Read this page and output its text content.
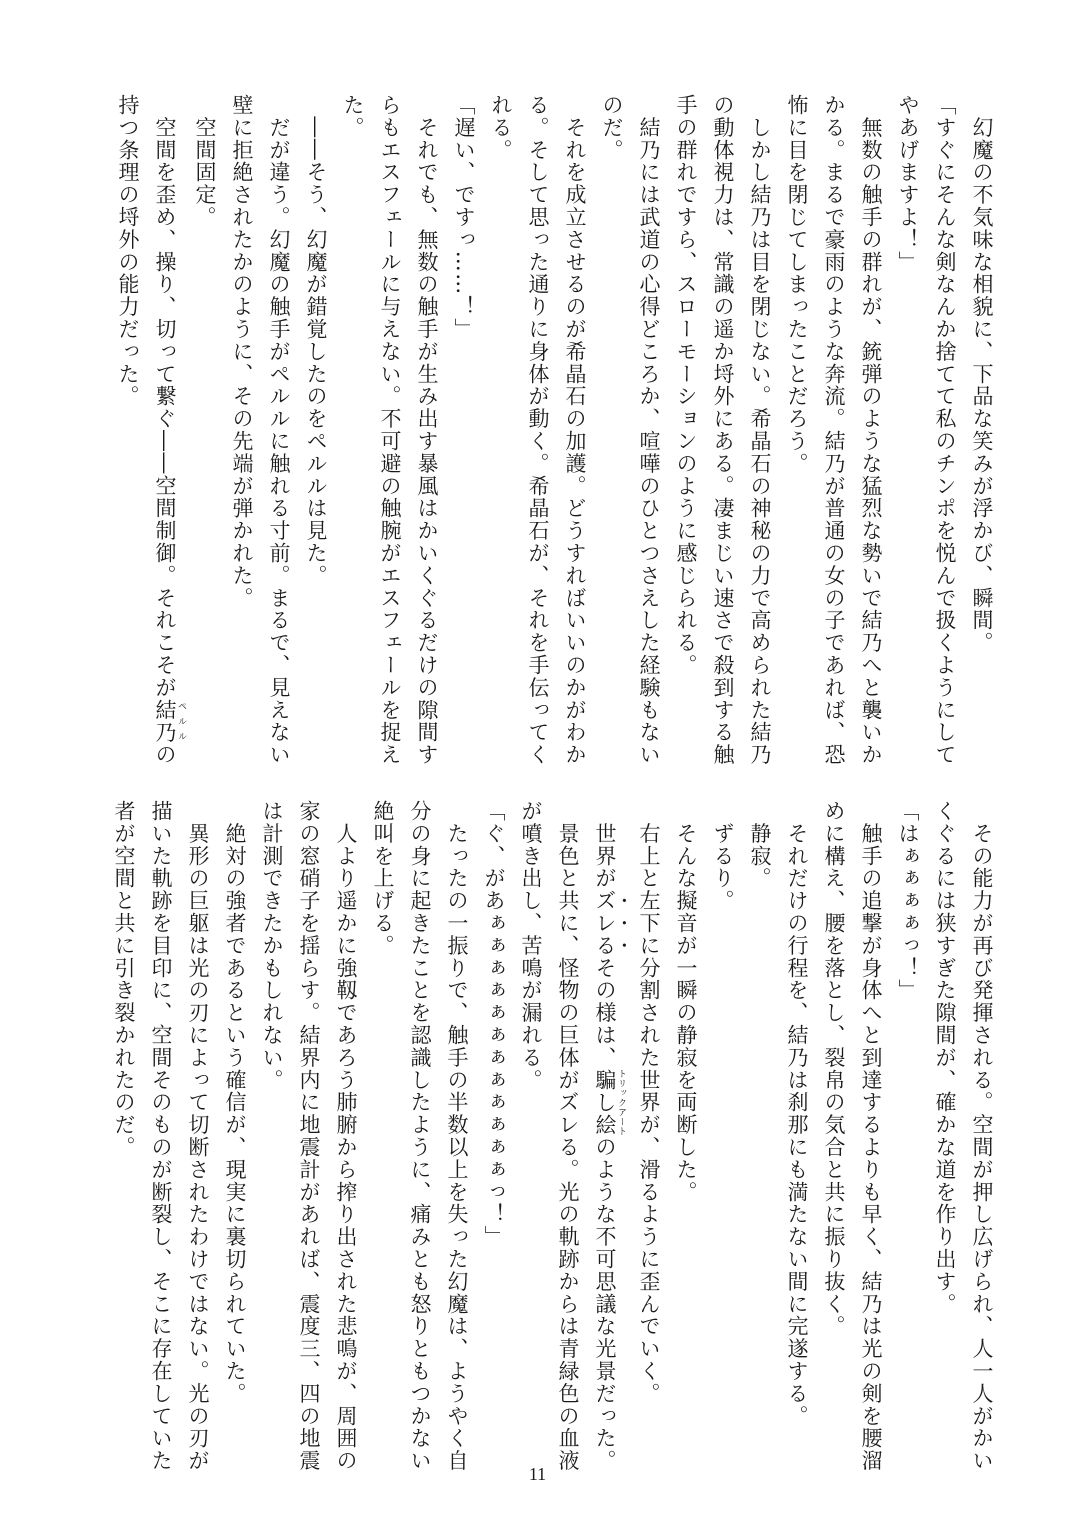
　幻魔の不気味な相貌に、下品な笑みが浮かび、瞬間。
「すぐにそんな剣なんか捨てて私のチンポを悦んで扱くようにして
やあげますよ！」
　無数の触手の群れが、銃弾のような猛烈な勢いで結乃へと襲いか
かる。まるで豪雨のような奔流。結乃が普通の女の子であれば、恐
怖に目を閉じてしまったことだろう。
　しかし結乃は目を閉じない。希晶石の神秘の力で高められた結乃
の動体視力は、常識の遥か埒外にある。凄まじい速さで殺到する触
手の群れですら、スローモーションのように感じられる。
　結乃には武道の心得どころか、喧嘩のひとつさえした経験もない
のだ。
　それを成立させるのが希晶石の加護。どうすればいいのかがわか
る。そして思った通りに身体が動く。希晶石が、それを手伝ってく
れる。
「遅い、ですっ……！」
　それでも、無数の触手が生み出す暴風はかいくぐるだけの隙間す
らもエスフェールに与えない。不可避の触腕がエスフェールを捉え
た。
　――そう、幻魔が錯覚したのをペルルは見た。
　だが違う。幻魔の触手がペルルに触れる寸前。まるで、見えない
壁に拒絶されたかのように、その先端が弾かれた。
　空間固定。
　空間を歪め、操り、切って繋ぐ――空間制御。それこそが結乃 ペルルの
持つ条理の埒外の能力だった。
　その能力が再び発揮される。空間が押し広げられ、人一人がかい
くぐるには狭すぎた隙間が、確かな道を作り出す。
「はぁぁぁぁっ！」
　触手の追撃が身体へと到達するよりも早く、結乃は光の剣を腰溜
めに構え、腰を落とし、裂帛の気合と共に振り抜く。
　それだけの行程を、結乃は刹那にも満たない間に完遂する。
　静寂。
　ずるり。
　そんな擬音が一瞬の静寂を両断した。
　右上と左下に分割された世界が、滑るように歪んでいく。
　世界がズレるその様は、騙し絵 トリックアートのような不可思議な光景だった。
　景色と共に、怪物の巨体がズレる。光の軌跡からは青緑色の血液
が噴き出し、苦鳴が漏れる。
「ぐ、があぁぁぁぁぁぁぁぁぁぁぁぁっ！」
　たったの一振りで、触手の半数以上を失った幻魔は、ようやく自
分の身に起きたことを認識したように、痛みとも怒りともつかない
絶叫を上げる。
　人より遥かに強靱であろう肺腑から搾り出された悲鳴が、周囲の
家の窓硝子を揺らす。結界内に地震計があれば、震度三、四の地震
は計測できたかもしれない。
　絶対の強者であるという確信が、現実に裏切られていた。
　異形の巨躯は光の刃によって切断されたわけではない。光の刃が
描いた軌跡を目印に、空間そのものが断裂し、そこに存在していた
者が空間と共に引き裂かれたのだ。
11
